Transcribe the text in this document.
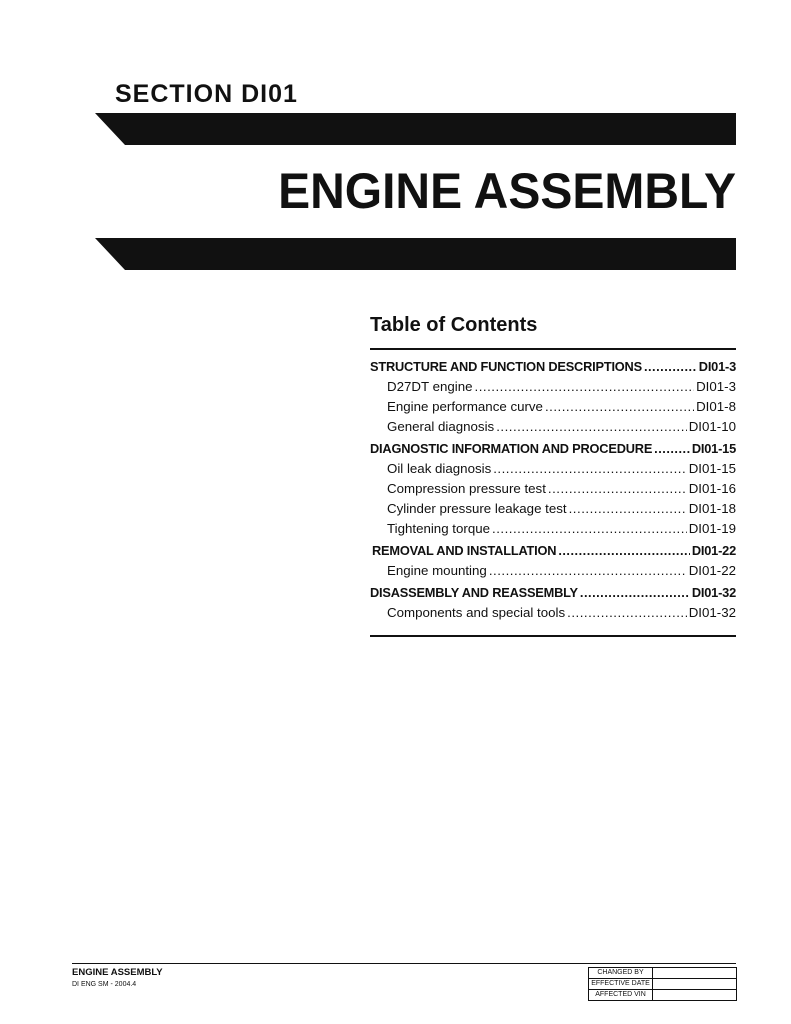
SECTION DI01
ENGINE ASSEMBLY
Table of Contents
STRUCTURE AND FUNCTION DESCRIPTIONS .....	DI01-3
D27DT engine .....	DI01-3
Engine performance curve .....	DI01-8
General diagnosis .....	DI01-10
DIAGNOSTIC INFORMATION AND PROCEDURE .....	DI01-15
Oil leak diagnosis .....	DI01-15
Compression pressure test .....	DI01-16
Cylinder pressure leakage test .....	DI01-18
Tightening torque .....	DI01-19
REMOVAL AND INSTALLATION .....	DI01-22
Engine mounting .....	DI01-22
DISASSEMBLY AND REASSEMBLY .....	DI01-32
Components and special tools .....	DI01-32
ENGINE ASSEMBLY
DI ENG SM - 2004.4
CHANGED BY	
EFFECTIVE DATE	
AFFECTED VIN	
